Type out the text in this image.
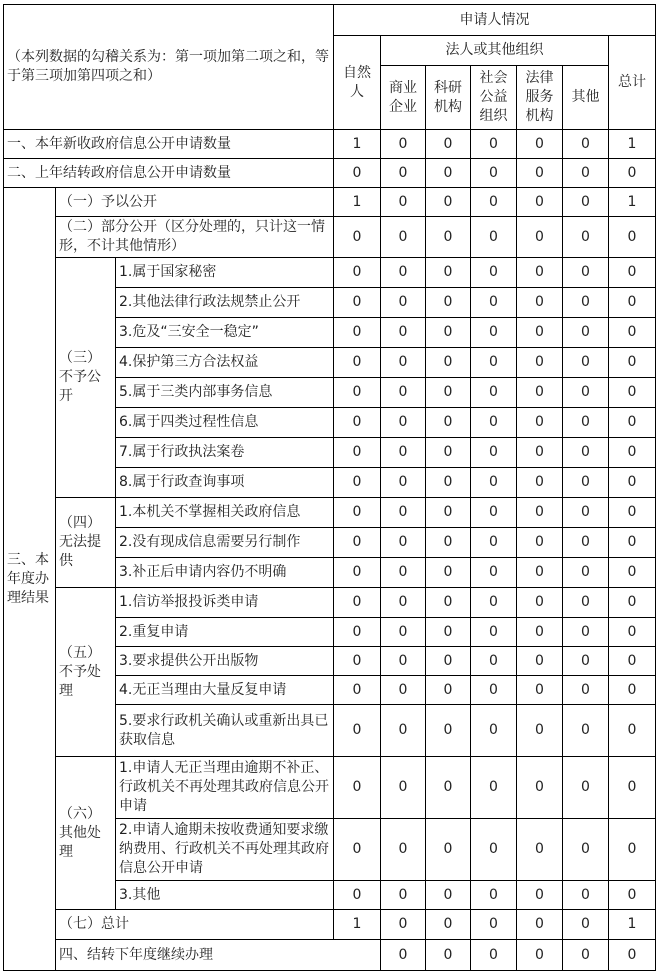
（本列数据的勾稽关系为：第一项加第二项之和，等于第三项加第四项之和）			申请人情况							
			自然人	法人或其他组织					总计	
				商业企业	科研机构	社会公益组织	法律服务机构	其他		

一、本年新收政府信息公开申请数量			1	0	0	0	0	0	1	
二、上年结转政府信息公开申请数量			0	0	0	0	0	0	0	
三、本年度办理结果	（一）予以公开		1	0	0	0	0	0	1	
	（二）部分公开（区分处理的，只计这一情形，不计其他情形）		0	0	0	0	0	0	0	
	（三）不予公开	1.属于国家秘密	0	0	0	0	0	0	0	
		2.其他法律行政法规禁止公开	0	0	0	0	0	0	0	
		3.危及“三安全一稳定”	0	0	0	0	0	0	0	
		4.保护第三方合法权益	0	0	0	0	0	0	0	
		5.属于三类内部事务信息	0	0	0	0	0	0	0	
		6.属于四类过程性信息	0	0	0	0	0	0	0	
		7.属于行政执法案卷	0	0	0	0	0	0	0	
		8.属于行政查询事项	0	0	0	0	0	0	0	
	（四）无法提供	1.本机关不掌握相关政府信息	0	0	0	0	0	0	0	
		2.没有现成信息需要另行制作	0	0	0	0	0	0	0	
		3.补正后申请内容仍不明确	0	0	0	0	0	0	0	
	（五）不予处理	1.信访举报投诉类申请	0	0	0	0	0	0	0	
		2.重复申请	0	0	0	0	0	0	0	
		3.要求提供公开出版物	0	0	0	0	0	0	0	
		4.无正当理由大量反复申请	0	0	0	0	0	0	0	
		5.要求行政机关确认或重新出具已获取信息	0	0	0	0	0	0	0	
	（六）其他处理	1.申请人无正当理由逾期不补正、行政机关不再处理其政府信息公开申请	0	0	0	0	0	0	0	
		2.申请人逾期未按收费通知要求缴纳费用、行政机关不再处理其政府信息公开申请	0	0	0	0	0	0	0	
		3.其他	0	0	0	0	0	0	0	
	（七）总计		1	0	0	0	0	0	1	
	四、结转下年度继续办理			0	0	0	0	0	0	
